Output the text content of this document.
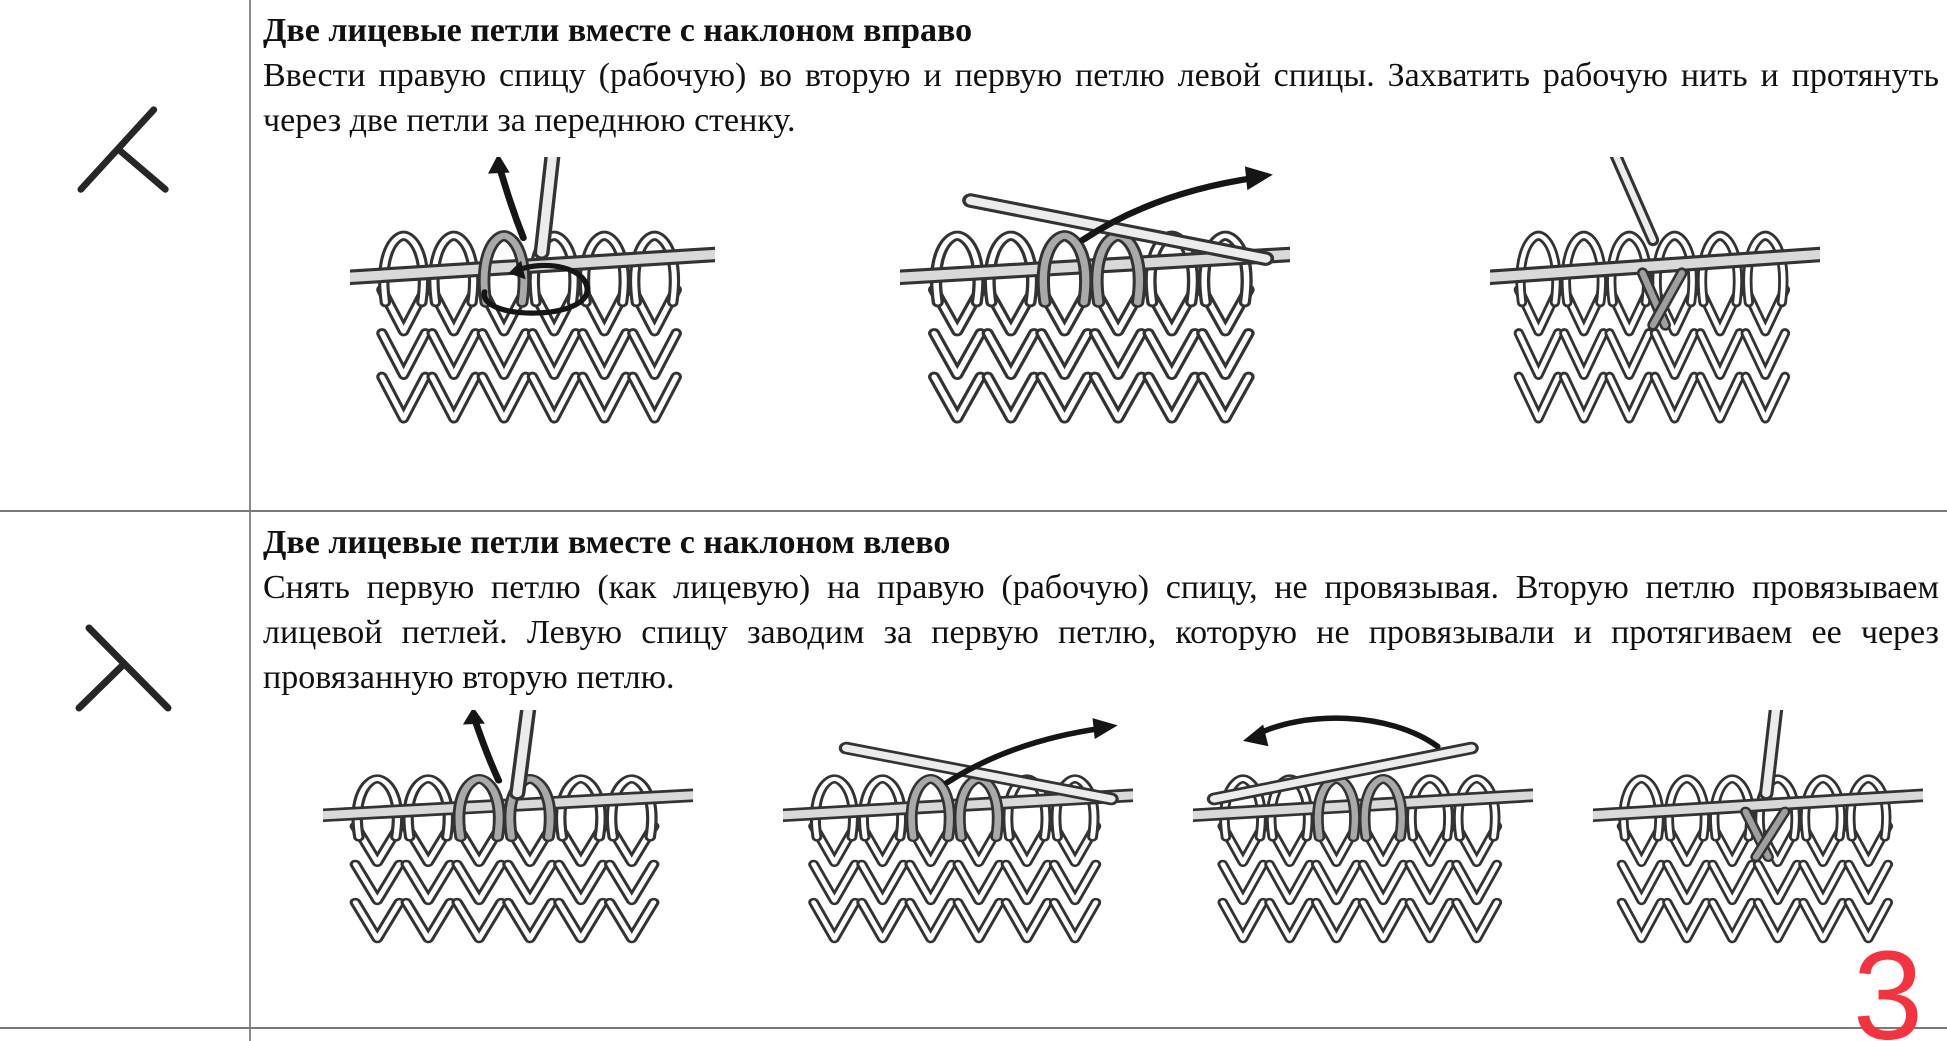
Две лицевые петли вместе с наклоном вправо

Ввести правую спицу (рабочую) во вторую и первую петлю левой спицы. Захватить рабочую нить и протянуть через две петли за переднюю стенку.

Две лицевые петли вместе с наклоном влево

Снять первую петлю (как лицевую) на правую (рабочую) спицу, не провязывая. Вторую петлю провязываем лицевой петлей. Левую спицу заводим за первую петлю, которую не провязывали и протягиваем ее через провязанную вторую петлю.

3
